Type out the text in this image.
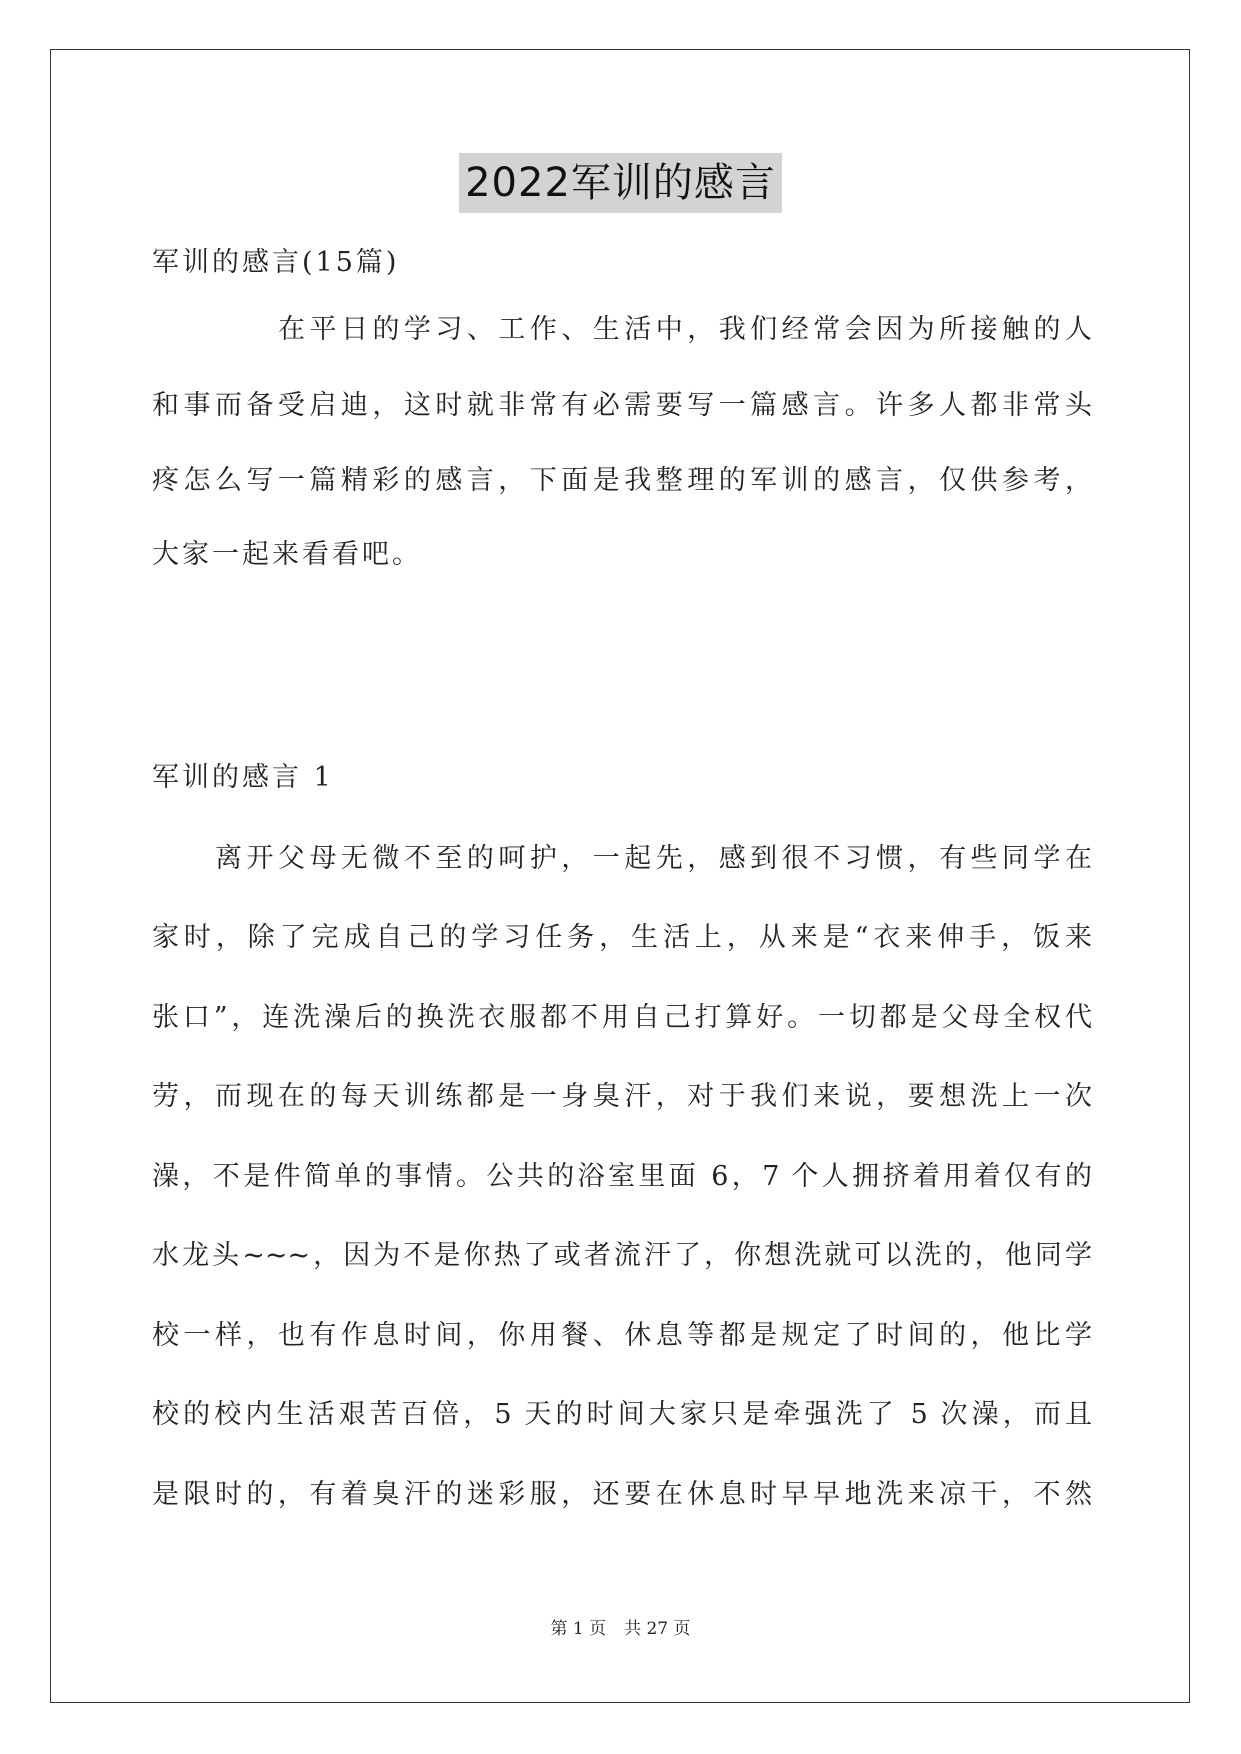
2022军训的感言
军训的感言(15篇)
在平日的学习、工作、生活中，我们经常会因为所接触的人
和事而备受启迪，这时就非常有必需要写一篇感言。许多人都非常头
疼怎么写一篇精彩的感言，下面是我整理的军训的感言，仅供参考，
大家一起来看看吧。
军训的感言 1
离开父母无微不至的呵护，一起先，感到很不习惯，有些同学在
家时，除了完成自己的学习任务，生活上，从来是“衣来伸手，饭来
张口”，连洗澡后的换洗衣服都不用自己打算好。一切都是父母全权代
劳，而现在的每天训练都是一身臭汗，对于我们来说，要想洗上一次
澡，不是件简单的事情。公共的浴室里面 6，7 个人拥挤着用着仅有的
水龙头~~~，因为不是你热了或者流汗了，你想洗就可以洗的，他同学
校一样，也有作息时间，你用餐、休息等都是规定了时间的，他比学
校的校内生活艰苦百倍，5 天的时间大家只是牵强洗了 5 次澡，而且
是限时的，有着臭汗的迷彩服，还要在休息时早早地洗来凉干，不然
第 1 页 共 27 页
